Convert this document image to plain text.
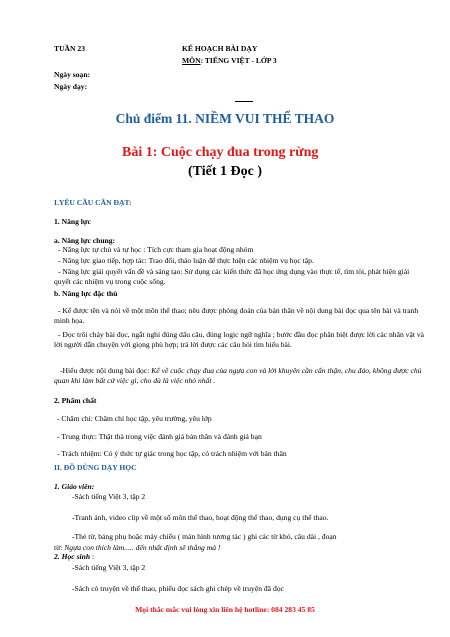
TUẦN 23	KẾ HOẠCH BÀI DẠY
MÔN: TIẾNG VIỆT - LỚP 3
Ngày soạn:
Ngày dạy:
Chủ điểm 11. NIỀM VUI THỂ THAO
Bài 1: Cuộc chạy đua trong rừng
(Tiết 1 Đọc )
I.YÊU CẦU CẦN ĐẠT:
1. Năng lực
a. Năng lực chung:
- Năng lực tự chủ và tự học : Tích cực tham gia hoạt động nhóm
- Năng lực giao tiếp, hợp tác: Trao đổi, thảo luận để thực hiện các nhiệm vụ học tập.
- Năng lực giải quyết vấn đề và sáng tạo: Sử dụng các kiến thức đã học ứng dụng vào thực tế, tìm tòi, phát hiện giải quyết các nhiệm vụ trong cuộc sống.
b. Năng lực đặc thù
- Kể được tên và nói về một môn thể thao; nêu được phỏng đoán của bản thân về nội dung bài đọc qua tên bài và tranh minh họa.
- Đọc trôi chảy bài đọc, ngắt nghỉ đúng dấu câu, đúng logic ngữ nghĩa ; bước đầu đọc phân biệt được lời các nhân vật và lời người dẫn chuyện với giọng phù hợp; trả lời được các câu hỏi tìm hiểu bài.
-Hiểu được nội dung bài đọc: Kể về cuộc chạy đua của ngựa con và lời khuyên cần cẩn thận, chu đáo, không được chủ quan khi làm bất cứ việc gì, cho dù là việc nhỏ nhất .
2. Phẩm chất
- Chăm chỉ: Chăm chỉ học tập, yêu trường, yêu lớp
- Trung thực: Thật thà trong việc đánh giá bản thân và đánh giá bạn
- Trách nhiệm: Có ý thức tự giác trong học tập, có trách nhiệm với bản thân
II. ĐỒ DÙNG DẠY HỌC
1. Giáo viên:
-Sách tiếng Việt 3, tập 2
-Tranh ảnh, video clip về một số môn thể thao, hoạt động thể thao, dụng cụ thể thao.
-Thẻ từ, bảng phụ hoặc máy chiếu ( màn hình tương tác ) ghi các từ khó, câu dài , đoạn
từ: Ngựa con thích làm..... đến nhất định sẽ thắng mà !
2. Học sinh :
-Sách tiếng Việt 3, tập 2
-Sách có truyện về thể thao, phiếu đọc sách ghi chép về truyện đã đọc
Mọi thắc mắc vui lòng xin liên hệ hotline: 084 283 45 85
